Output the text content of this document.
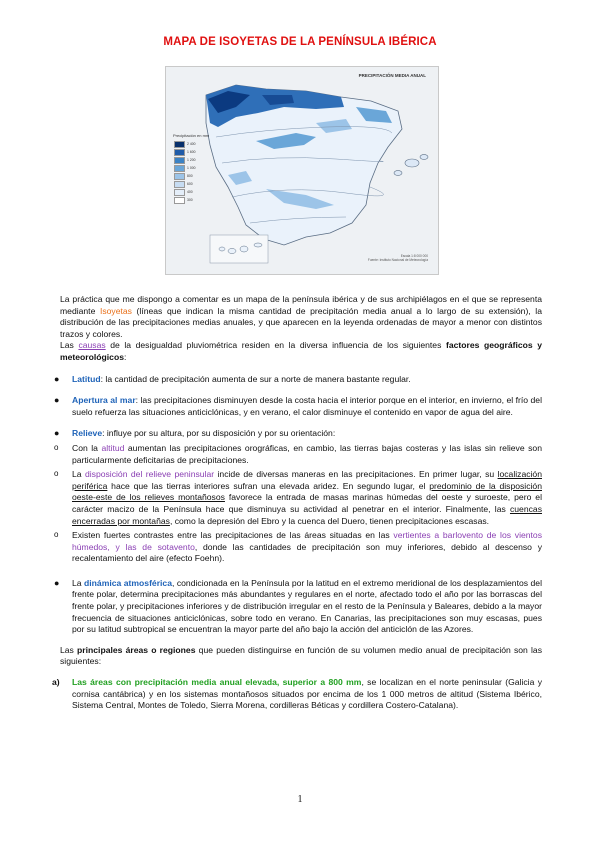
MAPA DE ISOYETAS DE LA PENÍNSULA IBÉRICA
PRECIPITACIÓN MEDIA ANUAL
Precipitación en mm
2 400
1 600
1 200
1 000
800
600
400
300
Escala 1:8 000 000
Fuente: Instituto Nacional de Meteorología

La práctica que me dispongo a comentar es un mapa de la península ibérica y de sus archipiélagos en el que se representa mediante Isoyetas (líneas que indican la misma cantidad de precipitación media anual a lo largo de su extensión), la distribución de las precipitaciones medias anuales, y que aparecen en la leyenda ordenadas de mayor a menor con distintos trazos y colores.

Las causas de la desigualdad pluviométrica residen en la diversa influencia de los siguientes factores geográficos y meteorológicos:

● Latitud: la cantidad de precipitación aumenta de sur a norte de manera bastante regular.
● Apertura al mar: las precipitaciones disminuyen desde la costa hacia el interior porque en el interior, en invierno, el frío del suelo refuerza las situaciones anticiclónicas, y en verano, el calor disminuye el contenido en vapor de agua del aire.
● Relieve: influye por su altura, por su disposición y por su orientación:
o Con la altitud aumentan las precipitaciones orográficas, en cambio, las tierras bajas costeras y las islas sin relieve son particularmente deficitarias de precipitaciones.
o La disposición del relieve peninsular incide de diversas maneras en las precipitaciones. En primer lugar, su localización periférica hace que las tierras interiores sufran una elevada aridez. En segundo lugar, el predominio de la disposición oeste-este de los relieves montañosos favorece la entrada de masas marinas húmedas del oeste y suroeste, pero el carácter macizo de la Península hace que disminuya su actividad al penetrar en el interior. Finalmente, las cuencas encerradas por montañas, como la depresión del Ebro y la cuenca del Duero, tienen precipitaciones escasas.
o Existen fuertes contrastes entre las precipitaciones de las áreas situadas en las vertientes a barlovento de los vientos húmedos, y las de sotavento, donde las cantidades de precipitación son muy inferiores, debido al descenso y recalentamiento del aire (efecto Foehn).
● La dinámica atmosférica, condicionada en la Península por la latitud en el extremo meridional de los desplazamientos del frente polar, determina precipitaciones más abundantes y regulares en el norte, afectado todo el año por las borrascas del frente polar, y precipitaciones inferiores y de distribución irregular en el resto de la Península y Baleares, debido a la mayor frecuencia de situaciones anticiclónicas, sobre todo en verano. En Canarias, las precipitaciones son muy escasas, pues por su latitud subtropical se encuentran la mayor parte del año bajo la acción del anticiclón de las Azores.

Las principales áreas o regiones que pueden distinguirse en función de su volumen medio anual de precipitación son las siguientes:

a) Las áreas con precipitación media anual elevada, superior a 800 mm, se localizan en el norte peninsular (Galicia y cornisa cantábrica) y en los sistemas montañosos situados por encima de los 1 000 metros de altitud (Sistema Ibérico, Sistema Central, Montes de Toledo, Sierra Morena, cordilleras Béticas y cordillera Costero-Catalana).
1
